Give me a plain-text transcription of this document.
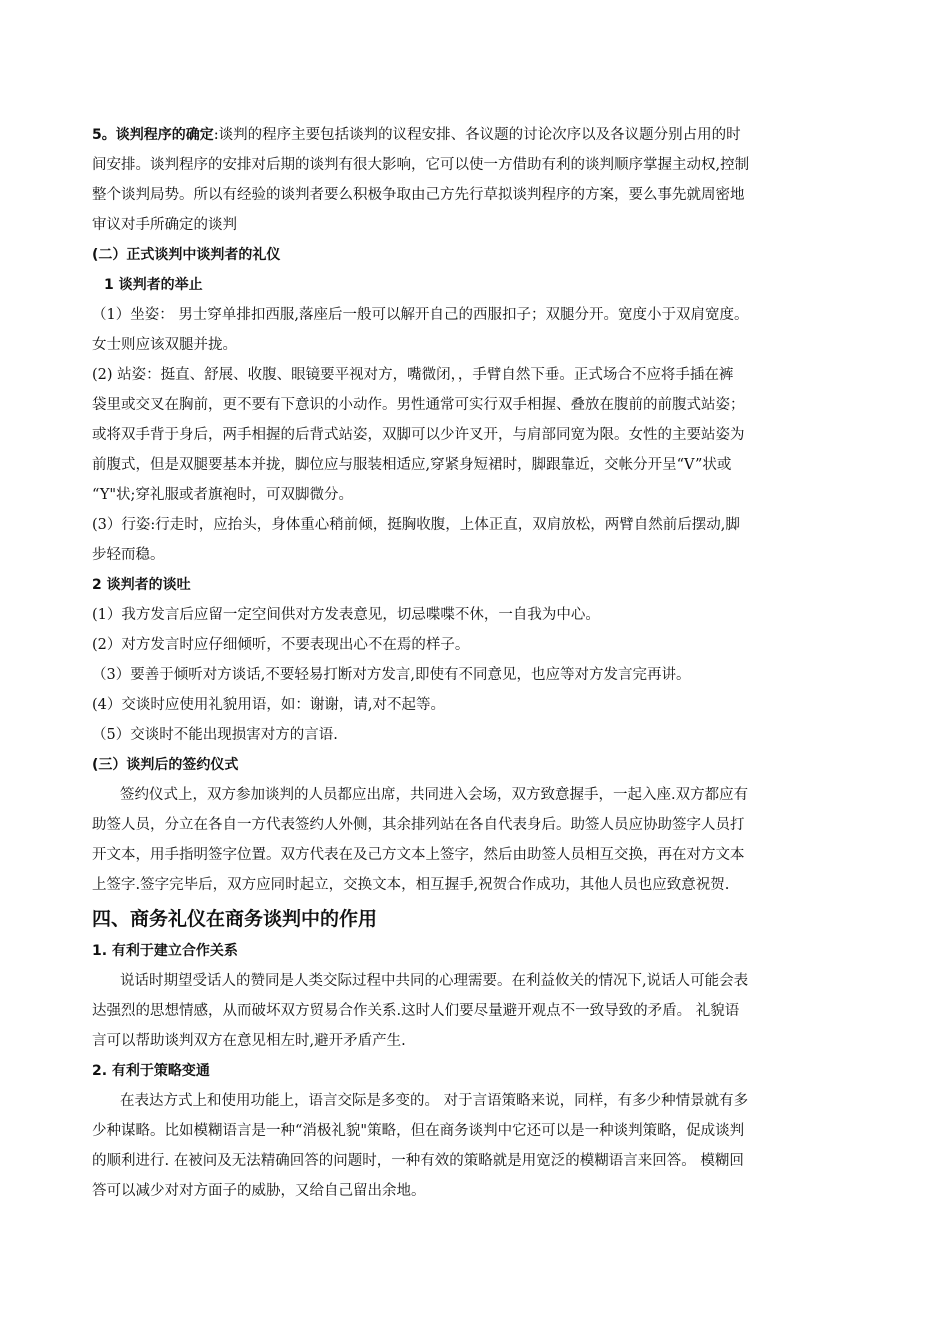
5。谈判程序的确定:谈判的程序主要包括谈判的议程安排、各议题的讨论次序以及各议题分别占用的时

间安排。谈判程序的安排对后期的谈判有很大影响，它可以使一方借助有利的谈判顺序掌握主动权,控制

整个谈判局势。所以有经验的谈判者要么积极争取由己方先行草拟谈判程序的方案，要么事先就周密地

审议对手所确定的谈判

(二）正式谈判中谈判者的礼仪

1 谈判者的举止

（1）坐姿： 男士穿单排扣西服,落座后一般可以解开自己的西服扣子；双腿分开。宽度小于双肩宽度。

女士则应该双腿并拢。

(2) 站姿：挺直、舒展、收腹、眼镜要平视对方，嘴微闭，，手臂自然下垂。正式场合不应将手插在裤

袋里或交叉在胸前，更不要有下意识的小动作。男性通常可实行双手相握、叠放在腹前的前腹式站姿；

或将双手背于身后，两手相握的后背式站姿，双脚可以少许叉开，与肩部同宽为限。女性的主要站姿为

前腹式，但是双腿要基本并拢，脚位应与服装相适应,穿紧身短裙时，脚跟靠近，交帐分开呈“V”状或

“Y"状;穿礼服或者旗袍时，可双脚微分。

(3）行姿:行走时，应抬头，身体重心稍前倾，挺胸收腹，上体正直，双肩放松，两臂自然前后摆动,脚

步轻而稳。

2 谈判者的谈吐

(1）我方发言后应留一定空间供对方发表意见，切忌喋喋不休，一自我为中心。

(2）对方发言时应仔细倾听，不要表现出心不在焉的样子。

（3）要善于倾听对方谈话,不要轻易打断对方发言,即使有不同意见，也应等对方发言完再讲。

(4）交谈时应使用礼貌用语，如：谢谢，请,对不起等。

（5）交谈时不能出现损害对方的言语.

(三）谈判后的签约仪式

签约仪式上，双方参加谈判的人员都应出席，共同进入会场，双方致意握手，一起入座.双方都应有

助签人员，分立在各自一方代表签约人外侧，其余排列站在各自代表身后。助签人员应协助签字人员打

开文本，用手指明签字位置。双方代表在及己方文本上签字，然后由助签人员相互交换，再在对方文本

上签字.签字完毕后，双方应同时起立，交换文本，相互握手,祝贺合作成功，其他人员也应致意祝贺.

四、商务礼仪在商务谈判中的作用

1. 有利于建立合作关系

说话时期望受话人的赞同是人类交际过程中共同的心理需要。在利益攸关的情况下,说话人可能会表

达强烈的思想情感，从而破坏双方贸易合作关系.这时人们要尽量避开观点不一致导致的矛盾。 礼貌语

言可以帮助谈判双方在意见相左时,避开矛盾产生.

2. 有利于策略变通

在表达方式上和使用功能上，语言交际是多变的。 对于言语策略来说，同样，有多少种情景就有多

少种谋略。比如模糊语言是一种“消极礼貌"策略，但在商务谈判中它还可以是一种谈判策略，促成谈判

的顺利进行. 在被问及无法精确回答的问题时，一种有效的策略就是用宽泛的模糊语言来回答。 模糊回

答可以减少对对方面子的威胁，又给自己留出余地。
